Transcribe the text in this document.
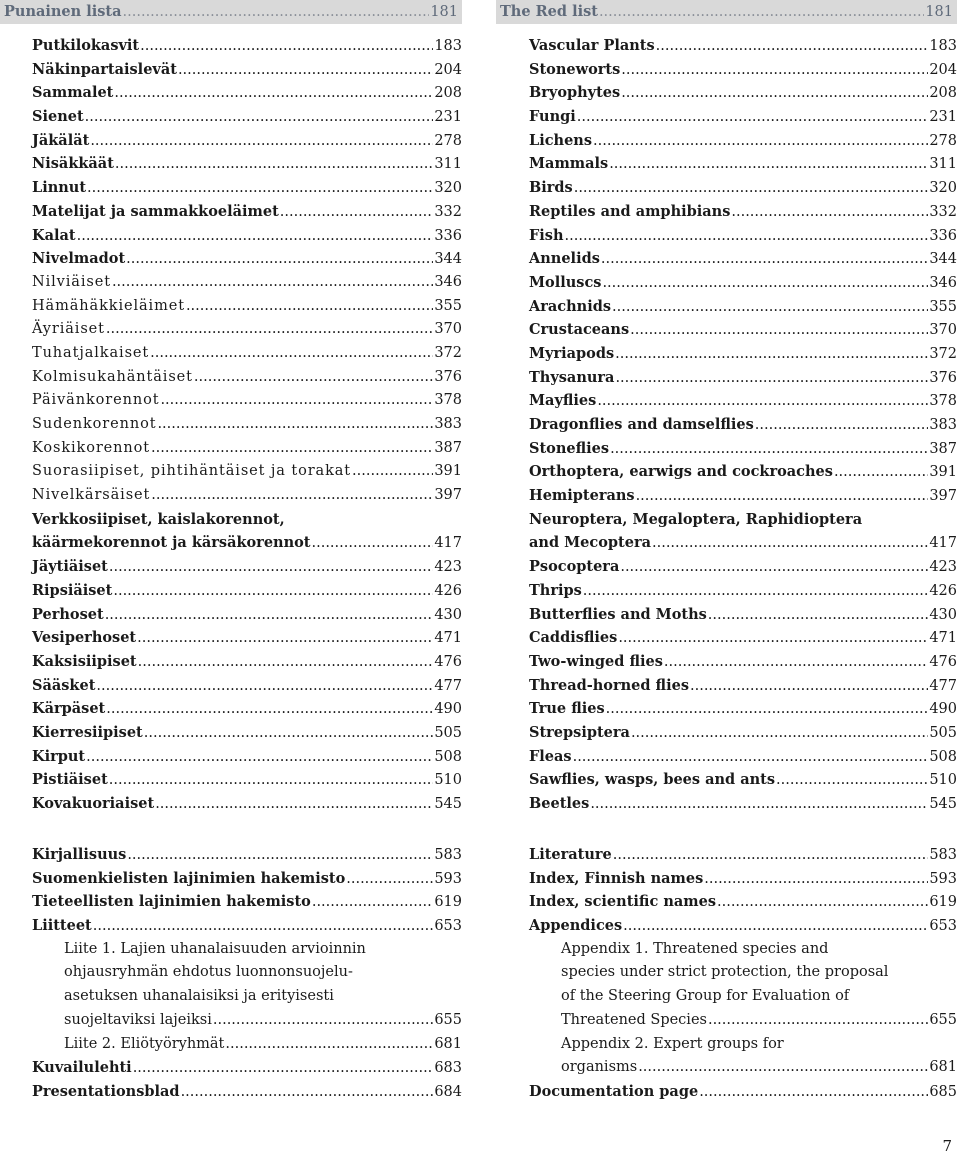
Punainen lista .....	181
Putkilokasvit .....	183
Näkinpartaislevät .....	204
Sammalet .....	208
Sienet .....	231
Jäkälät .....	278
Nisäkkäät .....	311
Linnut .....	320
Matelijat ja sammakkoeläimet .....	332
Kalat .....	336
Nivelmadot .....	344
Nilviäiset .....	346
Hämähäkkieläimet .....	355
Äyriäiset .....	370
Tuhatjalkaiset .....	372
Kolmisukahäntäiset .....	376
Päivänkorennot .....	378
Sudenkorennot .....	383
Koskikorennot .....	387
Suorasiipiset, pihtihäntäiset ja torakat .....	391
Nivelkärsäiset .....	397
Verkkosiipiset, kaislakorennot,
käärmekorennot ja kärsäkorennot .....	417
Jäytiäiset .....	423
Ripsiäiset .....	426
Perhoset .....	430
Vesiperhoset .....	471
Kaksisiipiset .....	476
Sääsket .....	477
Kärpäset .....	490
Kierresiipiset .....	505
Kirput .....	508
Pistiäiset .....	510
Kovakuoriaiset .....	545
Kirjallisuus .....	583
Suomenkielisten lajinimien hakemisto .....	593
Tieteellisten lajinimien hakemisto .....	619
Liitteet .....	653
Liite 1. Lajien uhanalaisuuden arvioinnin
ohjausryhmän ehdotus luonnonsuojelu-
asetuksen uhanalaisiksi ja erityisesti
suojeltaviksi lajeiksi .....	655
Liite 2. Eliötyöryhmät .....	681
Kuvailulehti .....	683
Presentationsblad .....	684
The Red list .....	181
Vascular Plants .....	183
Stoneworts .....	204
Bryophytes .....	208
Fungi .....	231
Lichens .....	278
Mammals .....	311
Birds .....	320
Reptiles and amphibians .....	332
Fish .....	336
Annelids .....	344
Molluscs .....	346
Arachnids .....	355
Crustaceans .....	370
Myriapods .....	372
Thysanura .....	376
Mayflies .....	378
Dragonflies and damselflies .....	383
Stoneflies .....	387
Orthoptera, earwigs and cockroaches .....	391
Hemipterans .....	397
Neuroptera, Megaloptera, Raphidioptera
and Mecoptera .....	417
Psocoptera .....	423
Thrips .....	426
Butterflies and Moths .....	430
Caddisflies .....	471
Two-winged flies .....	476
Thread-horned flies .....	477
True flies .....	490
Strepsiptera .....	505
Fleas .....	508
Sawflies, wasps, bees and ants .....	510
Beetles .....	545
Literature .....	583
Index, Finnish names .....	593
Index, scientific names .....	619
Appendices .....	653
Appendix 1. Threatened species and
species under strict protection, the proposal
of the Steering Group for Evaluation of
Threatened Species .....	655
Appendix 2. Expert groups for
organisms .....	681
Documentation page .....	685
7
